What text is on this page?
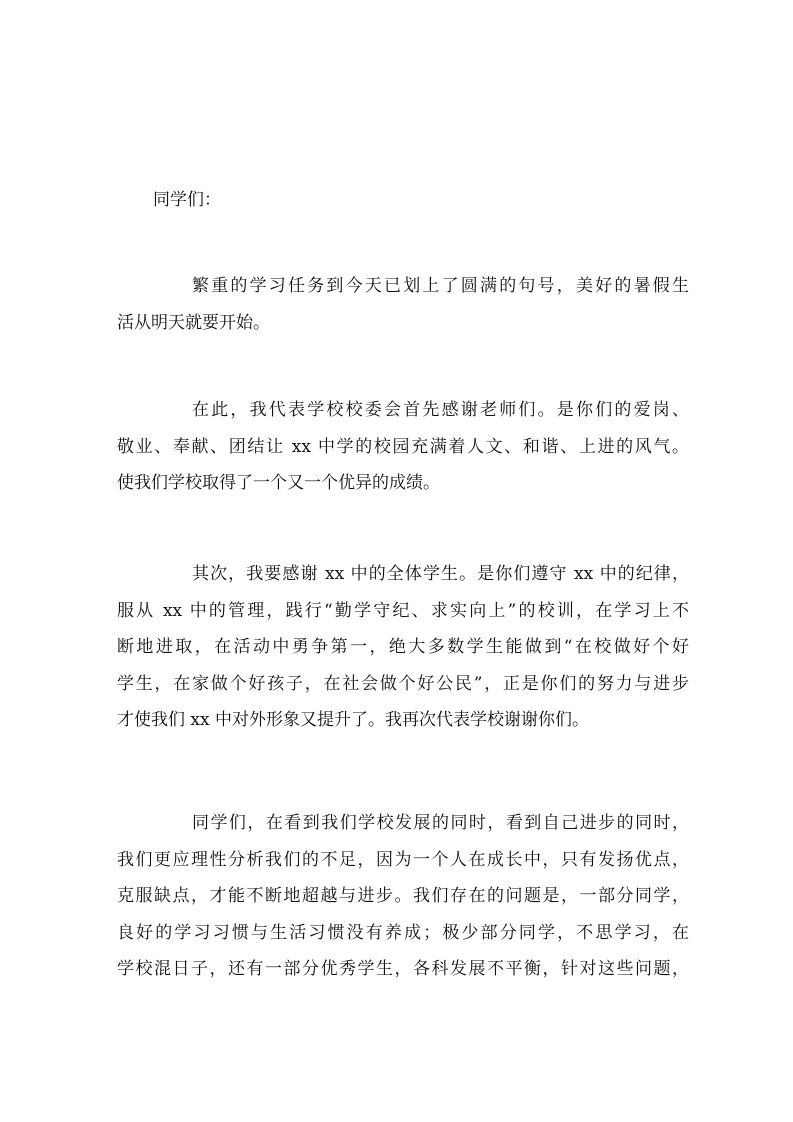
同学们：
繁重的学习任务到今天已划上了圆满的句号，美好的暑假生
活从明天就要开始。
在此，我代表学校校委会首先感谢老师们。是你们的爱岗、
敬业、奉献、团结让 xx 中学的校园充满着人文、和谐、上进的风气。
使我们学校取得了一个又一个优异的成绩。
其次，我要感谢 xx 中的全体学生。是你们遵守 xx 中的纪律，
服从 xx 中的管理，践行“勤学守纪、求实向上”的校训，在学习上不
断地进取，在活动中勇争第一，绝大多数学生能做到“在校做好个好
学生，在家做个好孩子，在社会做个好公民”，正是你们的努力与进步
才使我们 xx 中对外形象又提升了。我再次代表学校谢谢你们。
同学们，在看到我们学校发展的同时，看到自己进步的同时，
我们更应理性分析我们的不足，因为一个人在成长中，只有发扬优点，
克服缺点，才能不断地超越与进步。我们存在的问题是，一部分同学，
良好的学习习惯与生活习惯没有养成；极少部分同学，不思学习，在
学校混日子，还有一部分优秀学生，各科发展不平衡，针对这些问题，
